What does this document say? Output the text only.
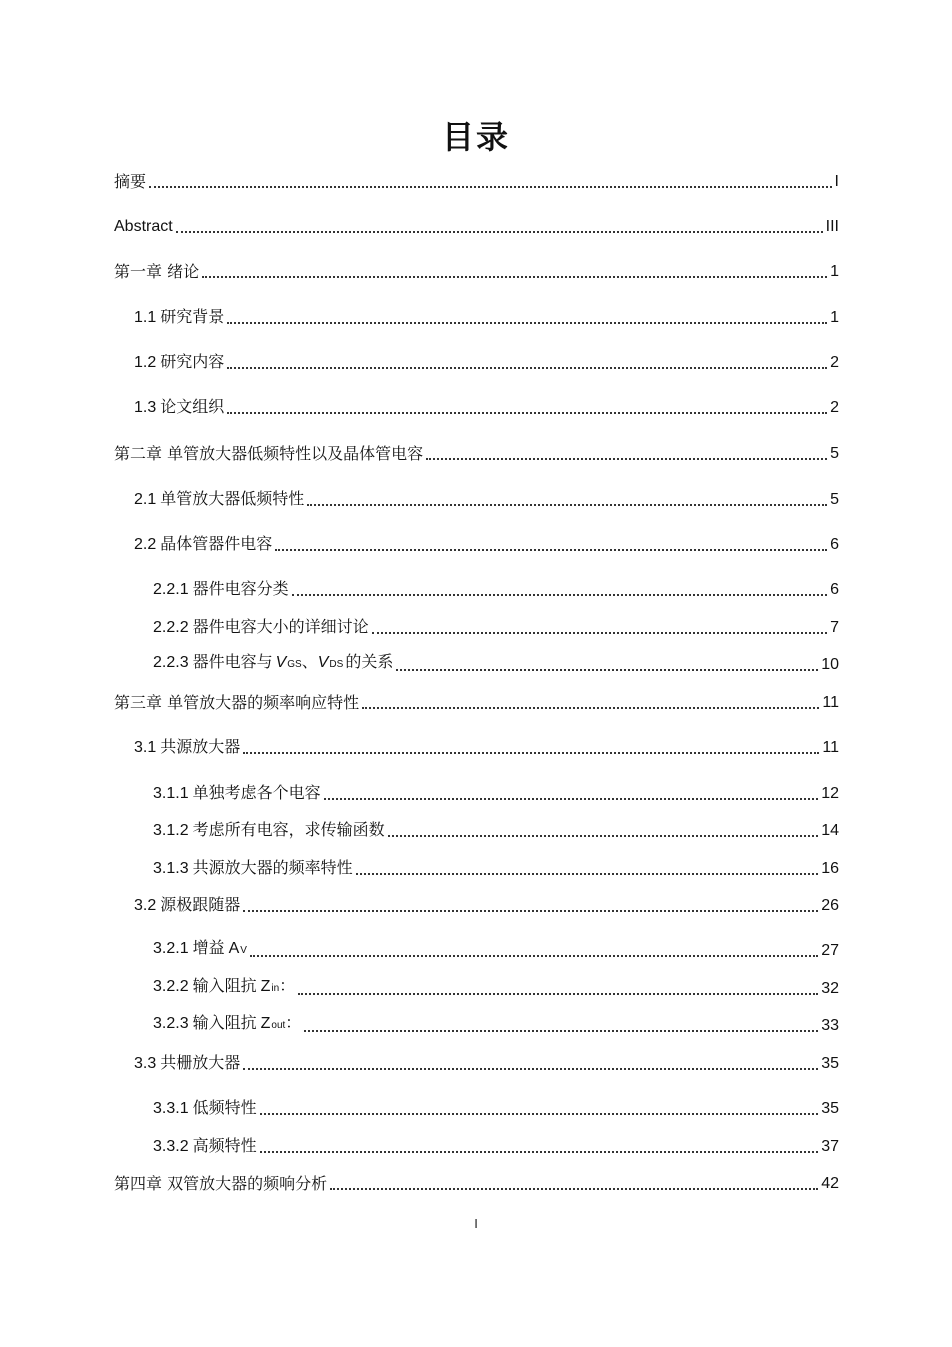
目录
摘要	I
Abstract	III
第一章 绪论	1
1.1 研究背景	1
1.2 研究内容	2
1.3 论文组织	2
第二章 单管放大器低频特性以及晶体管电容	5
2.1 单管放大器低频特性	5
2.2 晶体管器件电容	6
2.2.1 器件电容分类	6
2.2.2 器件电容大小的详细讨论	7
2.2.3 器件电容与 V GS 、 V DS 的关系	10
第三章 单管放大器的频率响应特性	11
3.1 共源放大器	11
3.1.1 单独考虑各个电容	12
3.1.2 考虑所有电容，求传输函数	14
3.1.3 共源放大器的频率特性	16
3.2 源极跟随器	26
3.2.1 增益 A V	27
3.2.2 输入阻抗 Z in ：	32
3.2.3 输入阻抗 Z out ：	33
3.3 共栅放大器	35
3.3.1 低频特性	35
3.3.2 高频特性	37
第四章 双管放大器的频响分析	42
I
